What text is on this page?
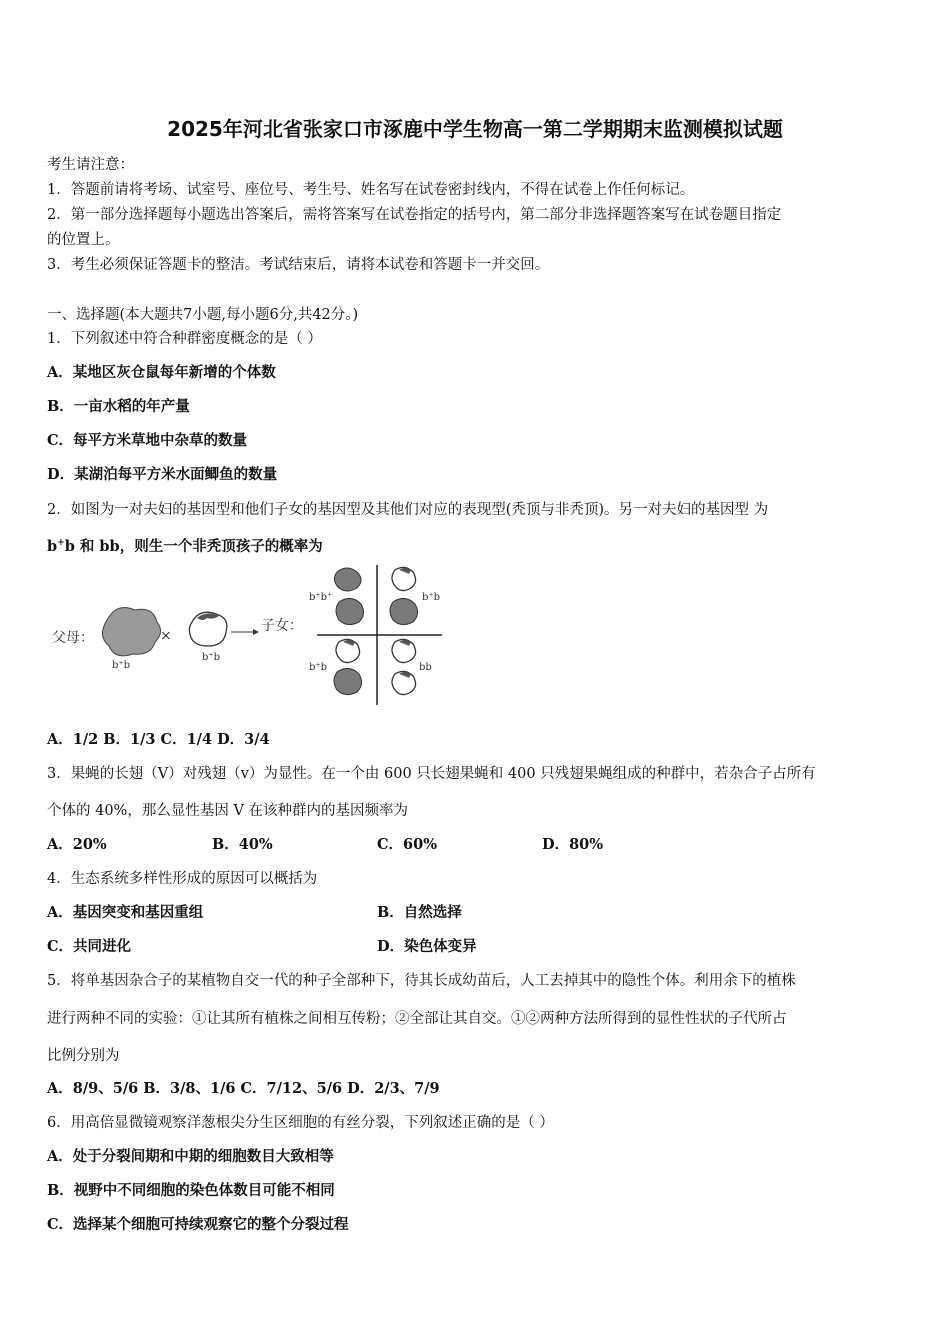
2025年河北省张家口市涿鹿中学生物高一第二学期期末监测模拟试题
考生请注意：
1．答题前请将考场、试室号、座位号、考生号、姓名写在试卷密封线内，不得在试卷上作任何标记。
2．第一部分选择题每小题选出答案后，需将答案写在试卷指定的括号内，第二部分非选择题答案写在试卷题目指定
的位置上。
3．考生必须保证答题卡的整洁。考试结束后，请将本试卷和答题卡一并交回。
一、选择题(本大题共7小题,每小题6分,共42分。)
1．下列叙述中符合种群密度概念的是（ ）
A．某地区灰仓鼠每年新增的个体数
B．一亩水稻的年产量
C．每平方米草地中杂草的数量
D．某湖泊每平方米水面鲫鱼的数量
2．如图为一对夫妇的基因型和他们子女的基因型及其他们对应的表现型(秃顶与非秃顶)。另一对夫妇的基因型 为
b+b 和 bb，则生一个非秃顶孩子的概率为
父母：
b⁺b
×
b⁺b
子女：
b⁺b⁺	b⁺b
b⁺b	bb
A．1/2 B．1/3 C．1/4 D．3/4
3．果蝇的长翅（V）对残翅（v）为显性。在一个由 600 只长翅果蝇和 400 只残翅果蝇组成的种群中，若杂合子占所有
个体的 40%，那么显性基因 V 在该种群内的基因频率为
A．20%	B．40%	C．60%	D．80%
4．生态系统多样性形成的原因可以概括为
A．基因突变和基因重组	B．自然选择
C．共同进化	D．染色体变异
5．将单基因杂合子的某植物自交一代的种子全部种下，待其长成幼苗后，人工去掉其中的隐性个体。利用余下的植株
进行两种不同的实验：①让其所有植株之间相互传粉；②全部让其自交。①②两种方法所得到的显性性状的子代所占
比例分别为
A．8/9、5/6 B．3/8、1/6 C．7/12、5/6 D．2/3、7/9
6．用高倍显微镜观察洋葱根尖分生区细胞的有丝分裂，下列叙述正确的是（ ）
A．处于分裂间期和中期的细胞数目大致相等
B．视野中不同细胞的染色体数目可能不相同
C．选择某个细胞可持续观察它的整个分裂过程
